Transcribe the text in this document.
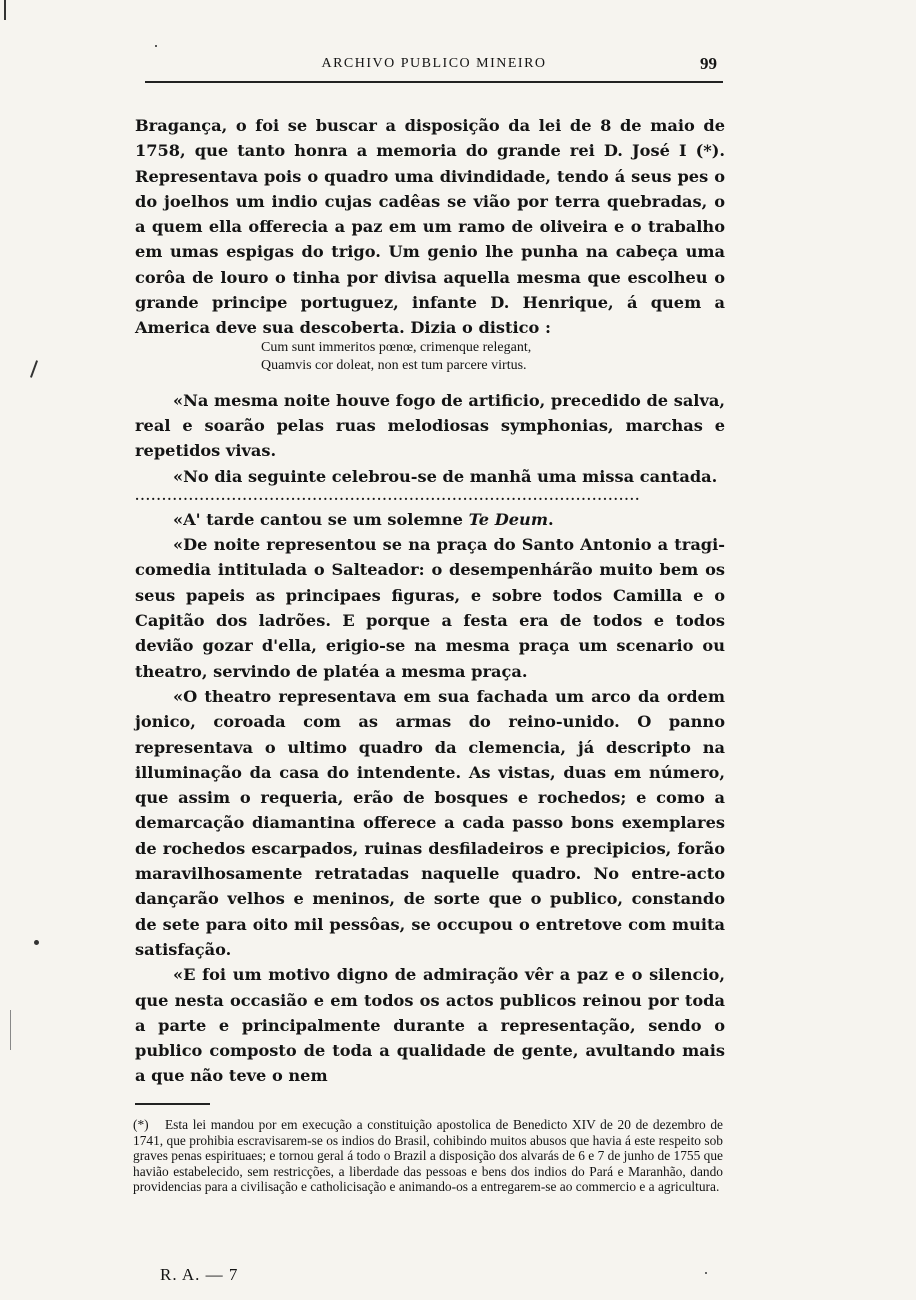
ARCHIVO PUBLICO MINEIRO	99

Bragança, o foi se buscar a disposição da lei de 8 de maio de 1758, que tanto honra a memoria do grande rei D. José I (*). Representava pois o quadro uma divindidade, tendo á seus pes o do joelhos um indio cujas cadêas se vião por terra quebradas, o a quem ella offerecia a paz em um ramo de oliveira e o trabalho em umas espigas do trigo. Um genio lhe punha na cabeça uma corôa de louro o tinha por divisa aquella mesma que escolheu o grande principe portuguez, infante D. Henrique, á quem a America deve sua descoberta. Dizia o distico :

Cum sunt immeritos pœnœ, crimenque relegant,
Quamvis cor doleat, non est tum parcere virtus.

«Na mesma noite houve fogo de artificio, precedido de salva, real e soarão pelas ruas melodiosas symphonias, marchas e repetidos vivas.

«No dia seguinte celebrou-se de manhã uma missa cantada.

······························································································

«A' tarde cantou se um solemne Te Deum.

«De noite representou se na praça do Santo Antonio a tragi-comedia intitulada o Salteador: o desempenhárão muito bem os seus papeis as principaes figuras, e sobre todos Camilla e o Capitão dos ladrões. E porque a festa era de todos e todos devião gozar d'ella, erigio-se na mesma praça um scenario ou theatro, servindo de platéa a mesma praça.

«O theatro representava em sua fachada um arco da ordem jonico, coroada com as armas do reino-unido. O panno representava o ultimo quadro da clemencia, já descripto na illuminação da casa do intendente. As vistas, duas em número, que assim o requeria, erão de bosques e rochedos; e como a demarcação diamantina offerece a cada passo bons exemplares de rochedos escarpados, ruinas desfiladeiros e precipicios, forão maravilhosamente retratadas naquelle quadro. No entre-acto dançarão velhos e meninos, de sorte que o publico, constando de sete para oito mil pessôas, se occupou o entretove com muita satisfação.

«E foi um motivo digno de admiração vêr a paz e o silencio, que nesta occasião e em todos os actos publicos reinou por toda a parte e principalmente durante a representação, sendo o publico composto de toda a qualidade de gente, avultando mais a que não teve o nem

(*) Esta lei mandou por em execução a constituição apostolica de Benedicto XIV de 20 de dezembro de 1741, que prohibia escravisarem-se os indios do Brasil, cohibindo muitos abusos que havia á este respeito sob graves penas espirituaes; e tornou geral á todo o Brazil a disposição dos alvarás de 6 e 7 de junho de 1755 que havião estabelecido, sem restricções, a liberdade das pessoas e bens dos indios do Pará e Maranhão, dando providencias para a civilisação e catholicisação e animando-os a entregarem-se ao commercio e a agricultura.
R. A. — 7
